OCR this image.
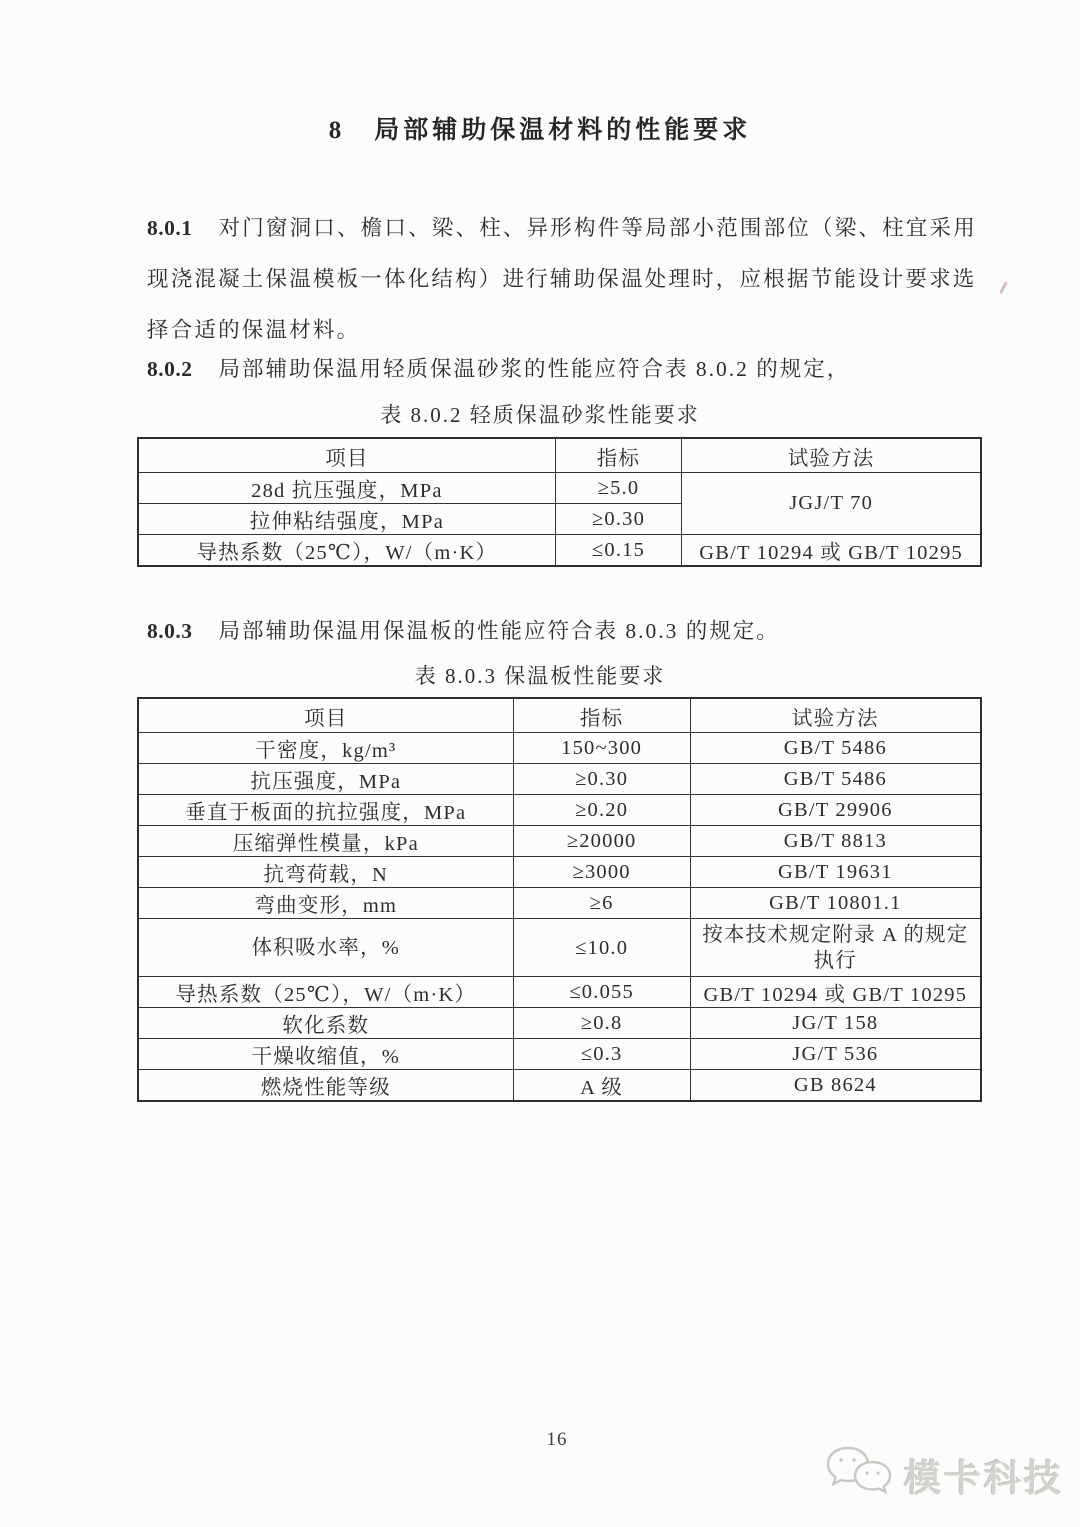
8　局部辅助保温材料的性能要求
8.0.1 对门窗洞口、檐口、梁、柱、异形构件等局部小范围部位（梁、柱宜采用
现浇混凝土保温模板一体化结构）进行辅助保温处理时，应根据节能设计要求选
择合适的保温材料。
8.0.2 局部辅助保温用轻质保温砂浆的性能应符合表 8.0.2 的规定，
表 8.0.2 轻质保温砂浆性能要求
项目	指标	试验方法
28d 抗压强度，MPa	≥5.0	JGJ/T 70
拉伸粘结强度，MPa	≥0.30	
导热系数（25℃），W/（m·K）	≤0.15	GB/T 10294 或 GB/T 10295
8.0.3 局部辅助保温用保温板的性能应符合表 8.0.3 的规定。
表 8.0.3 保温板性能要求
项目	指标	试验方法
干密度，kg/m³	150~300	GB/T 5486
抗压强度，MPa	≥0.30	GB/T 5486
垂直于板面的抗拉强度，MPa	≥0.20	GB/T 29906
压缩弹性模量，kPa	≥20000	GB/T 8813
抗弯荷载，N	≥3000	GB/T 19631
弯曲变形，mm	≥6	GB/T 10801.1
体积吸水率，%	≤10.0	按本技术规定附录 A 的规定执行
导热系数（25℃），W/（m·K）	≤0.055	GB/T 10294 或 GB/T 10295
软化系数	≥0.8	JG/T 158
干燥收缩值，%	≤0.3	JG/T 536
燃烧性能等级	A 级	GB 8624
16
模卡科技
